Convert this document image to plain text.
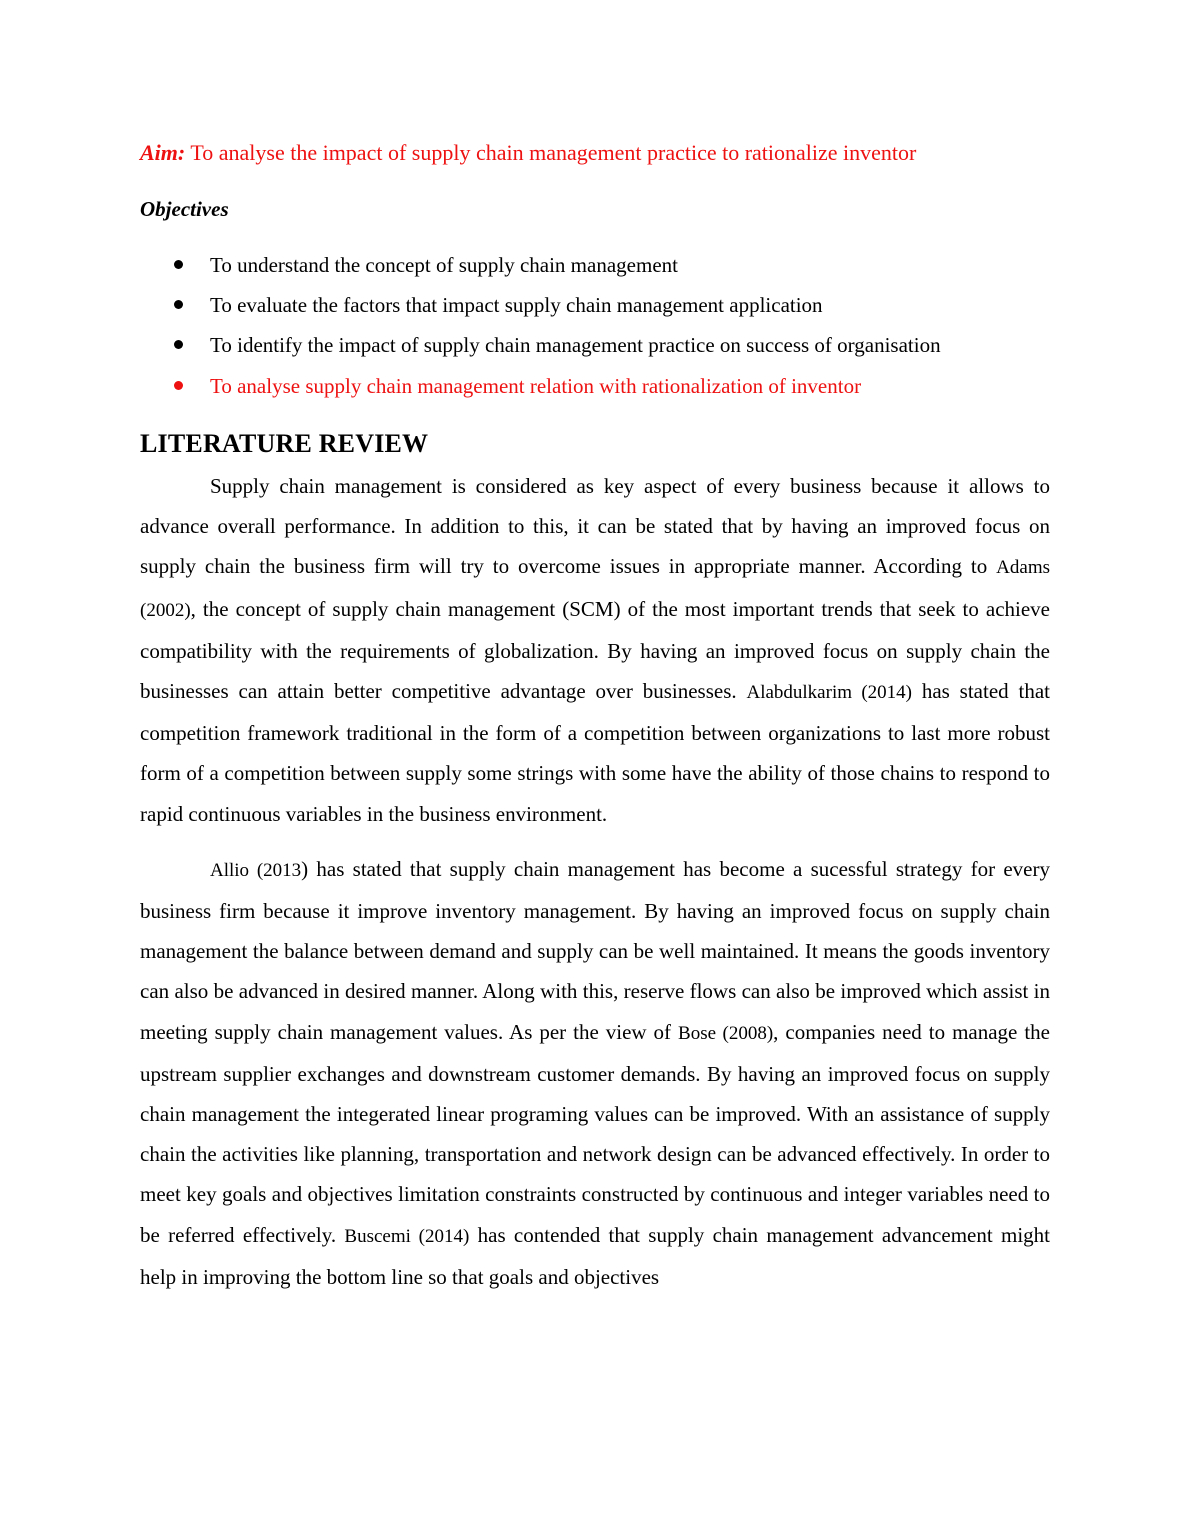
Aim: To analyse the impact of supply chain management practice to rationalize inventor

Objectives

To understand the concept of supply chain management
To evaluate the factors that impact supply chain management application
To identify the impact of supply chain management practice on success of organisation
To analyse supply chain management relation with rationalization of inventor
LITERATURE REVIEW

Supply chain management is considered as key aspect of every business because it allows to advance overall performance. In addition to this, it can be stated that by having an improved focus on supply chain the business firm will try to overcome issues in appropriate manner. According to Adams (2002), the concept of supply chain management (SCM) of the most important trends that seek to achieve compatibility with the requirements of globalization. By having an improved focus on supply chain the businesses can attain better competitive advantage over businesses. Alabdulkarim (2014) has stated that competition framework traditional in the form of a competition between organizations to last more robust form of a competition between supply some strings with some have the ability of those chains to respond to rapid continuous variables in the business environment.

Allio (2013) has stated that supply chain management has become a sucessful strategy for every business firm because it improve inventory management. By having an improved focus on supply chain management the balance between demand and supply can be well maintained. It means the goods inventory can also be advanced in desired manner. Along with this, reserve flows can also be improved which assist in meeting supply chain management values. As per the view of Bose (2008), companies need to manage the upstream supplier exchanges and downstream customer demands. By having an improved focus on supply chain management the integerated linear programing values can be improved. With an assistance of supply chain the activities like planning, transportation and network design can be advanced effectively. In order to meet key goals and objectives limitation constraints constructed by continuous and integer variables need to be referred effectively. Buscemi (2014) has contended that supply chain management advancement might help in improving the bottom line so that goals and objectives
